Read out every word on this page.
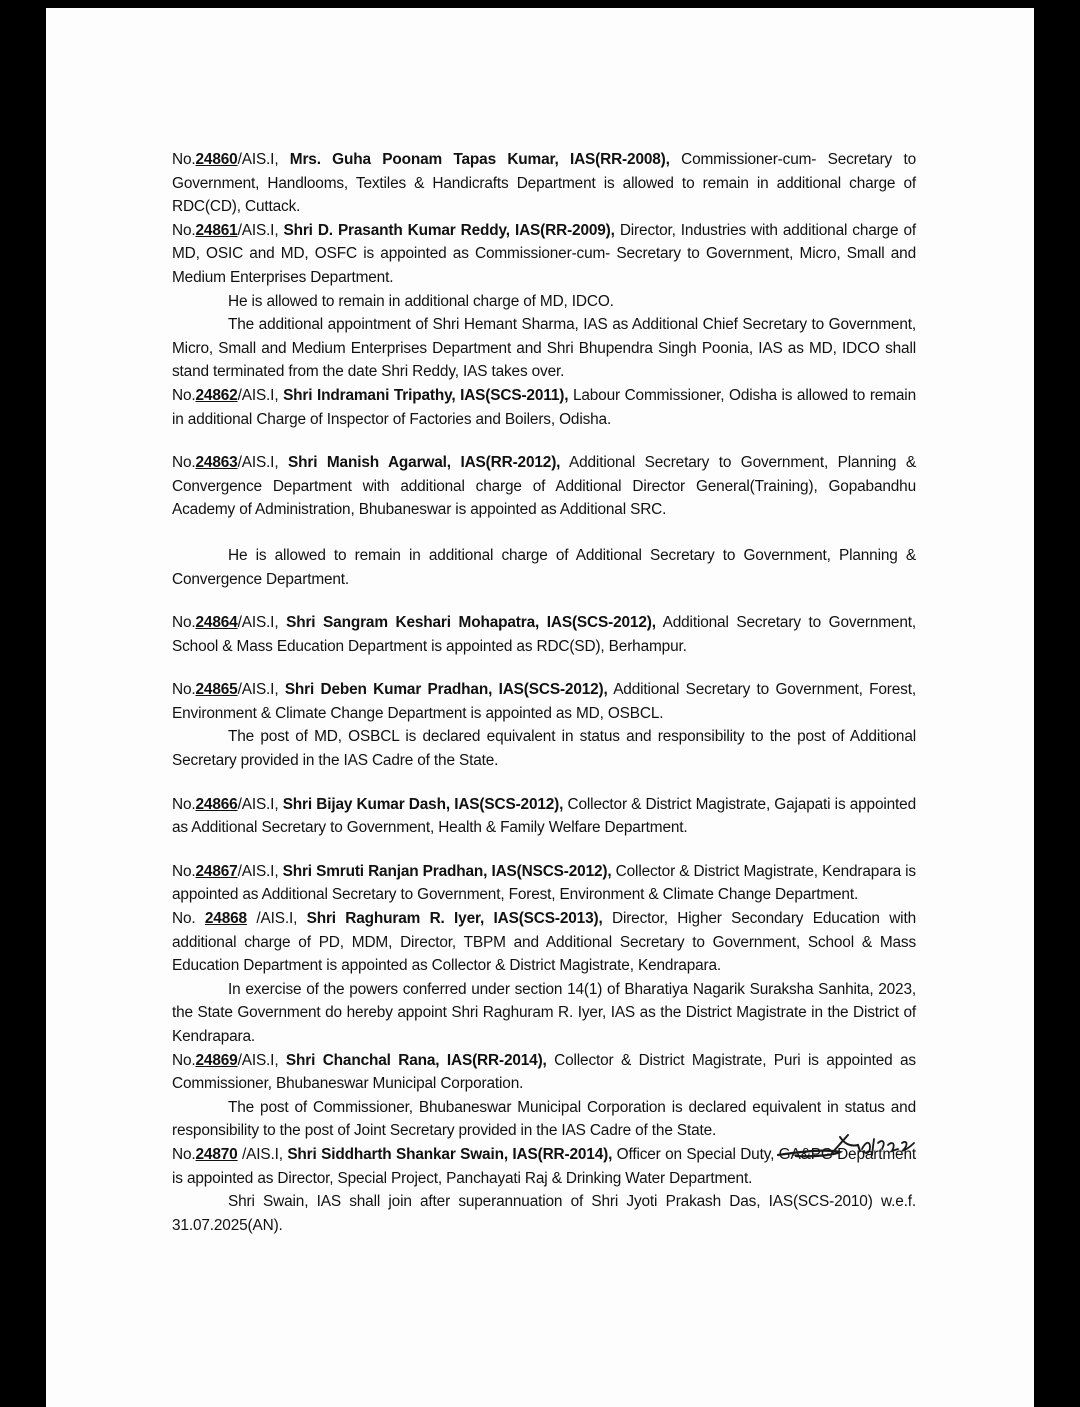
No.24860/AIS.I, Mrs. Guha Poonam Tapas Kumar, IAS(RR-2008), Commissioner-cum- Secretary to Government, Handlooms, Textiles & Handicrafts Department is allowed to remain in additional charge of RDC(CD), Cuttack.

No.24861/AIS.I, Shri D. Prasanth Kumar Reddy, IAS(RR-2009), Director, Industries with additional charge of MD, OSIC and MD, OSFC is appointed as Commissioner-cum- Secretary to Government, Micro, Small and Medium Enterprises Department.

He is allowed to remain in additional charge of MD, IDCO.

The additional appointment of Shri Hemant Sharma, IAS as Additional Chief Secretary to Government, Micro, Small and Medium Enterprises Department and Shri Bhupendra Singh Poonia, IAS as MD, IDCO shall stand terminated from the date Shri Reddy, IAS takes over.

No.24862/AIS.I, Shri Indramani Tripathy, IAS(SCS-2011), Labour Commissioner, Odisha is allowed to remain in additional Charge of Inspector of Factories and Boilers, Odisha.

No.24863/AIS.I, Shri Manish Agarwal, IAS(RR-2012), Additional Secretary to Government, Planning & Convergence Department with additional charge of Additional Director General(Training), Gopabandhu Academy of Administration, Bhubaneswar is appointed as Additional SRC.

He is allowed to remain in additional charge of Additional Secretary to Government, Planning & Convergence Department.

No.24864/AIS.I, Shri Sangram Keshari Mohapatra, IAS(SCS-2012), Additional Secretary to Government, School & Mass Education Department is appointed as RDC(SD), Berhampur.

No.24865/AIS.I, Shri Deben Kumar Pradhan, IAS(SCS-2012), Additional Secretary to Government, Forest, Environment & Climate Change Department is appointed as MD, OSBCL.

The post of MD, OSBCL is declared equivalent in status and responsibility to the post of Additional Secretary provided in the IAS Cadre of the State.

No.24866/AIS.I, Shri Bijay Kumar Dash, IAS(SCS-2012), Collector & District Magistrate, Gajapati is appointed as Additional Secretary to Government, Health & Family Welfare Department.

No.24867/AIS.I, Shri Smruti Ranjan Pradhan, IAS(NSCS-2012), Collector & District Magistrate, Kendrapara is appointed as Additional Secretary to Government, Forest, Environment & Climate Change Department.

No. 24868 /AIS.I, Shri Raghuram R. Iyer, IAS(SCS-2013), Director, Higher Secondary Education with additional charge of PD, MDM, Director, TBPM and Additional Secretary to Government, School & Mass Education Department is appointed as Collector & District Magistrate, Kendrapara.

In exercise of the powers conferred under section 14(1) of Bharatiya Nagarik Suraksha Sanhita, 2023, the State Government do hereby appoint Shri Raghuram R. Iyer, IAS as the District Magistrate in the District of Kendrapara.

No.24869/AIS.I, Shri Chanchal Rana, IAS(RR-2014), Collector & District Magistrate, Puri is appointed as Commissioner, Bhubaneswar Municipal Corporation.

The post of Commissioner, Bhubaneswar Municipal Corporation is declared equivalent in status and responsibility to the post of Joint Secretary provided in the IAS Cadre of the State.

No.24870 /AIS.I, Shri Siddharth Shankar Swain, IAS(RR-2014), Officer on Special Duty, GA&PG Department is appointed as Director, Special Project, Panchayati Raj & Drinking Water Department.

Shri Swain, IAS shall join after superannuation of Shri Jyoti Prakash Das, IAS(SCS-2010) w.e.f. 31.07.2025(AN).
